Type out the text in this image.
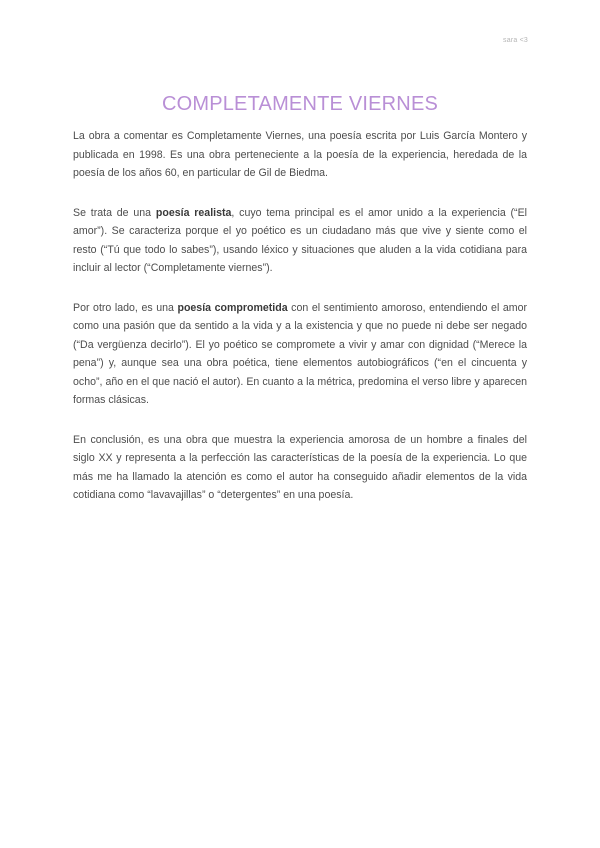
sara <3
COMPLETAMENTE VIERNES

La obra a comentar es Completamente Viernes, una poesía escrita por Luis García Montero y publicada en 1998. Es una obra perteneciente a la poesía de la experiencia, heredada de la poesía de los años 60, en particular de Gil de Biedma.

Se trata de una poesía realista, cuyo tema principal es el amor unido a la experiencia (“El amor”). Se caracteriza porque el yo poético es un ciudadano más que vive y siente como el resto (“Tú que todo lo sabes”), usando léxico y situaciones que aluden a la vida cotidiana para incluir al lector (“Completamente viernes”).

Por otro lado, es una poesía comprometida con el sentimiento amoroso, entendiendo el amor como una pasión que da sentido a la vida y a la existencia y que no puede ni debe ser negado (“Da vergüenza decirlo”). El yo poético se compromete a vivir y amar con dignidad (“Merece la pena”) y, aunque sea una obra poética, tiene elementos autobiográficos (“en el cincuenta y ocho”, año en el que nació el autor). En cuanto a la métrica, predomina el verso libre y aparecen formas clásicas.

En conclusión, es una obra que muestra la experiencia amorosa de un hombre a finales del siglo XX y representa a la perfección las características de la poesía de la experiencia. Lo que más me ha llamado la atención es como el autor ha conseguido añadir elementos de la vida cotidiana como “lavavajillas” o “detergentes” en una poesía.
